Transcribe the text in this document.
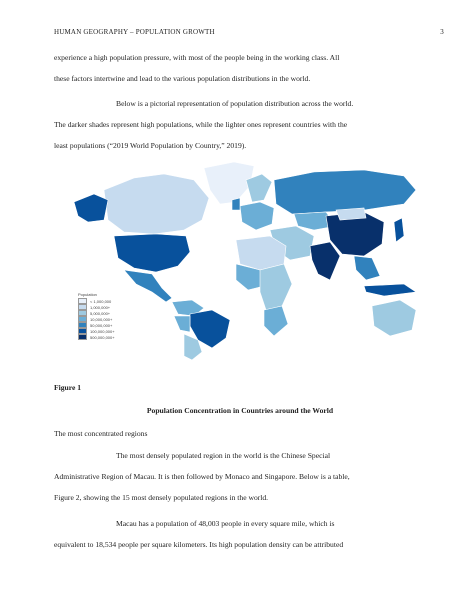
HUMAN GEOGRAPHY – POPULATION GROWTH	3
experience a high population pressure, with most of the people being in the working class. All
these factors intertwine and lead to the various population distributions in the world.
Below is a pictorial representation of population distribution across the world.
The darker shades represent high populations, while the lighter ones represent countries with the
least populations (“2019 World Population by Country,” 2019).
Population
< 1,000,000
1,000,000+
5,000,000+
10,000,000+
50,000,000+
100,000,000+
500,000,000+
Figure 1
Population Concentration in Countries around the World
The most concentrated regions
The most densely populated region in the world is the Chinese Special
Administrative Region of Macau. It is then followed by Monaco and Singapore. Below is a table,
Figure 2, showing the 15 most densely populated regions in the world.
Macau has a population of 48,003 people in every square mile, which is
equivalent to 18,534 people per square kilometers. Its high population density can be attributed
